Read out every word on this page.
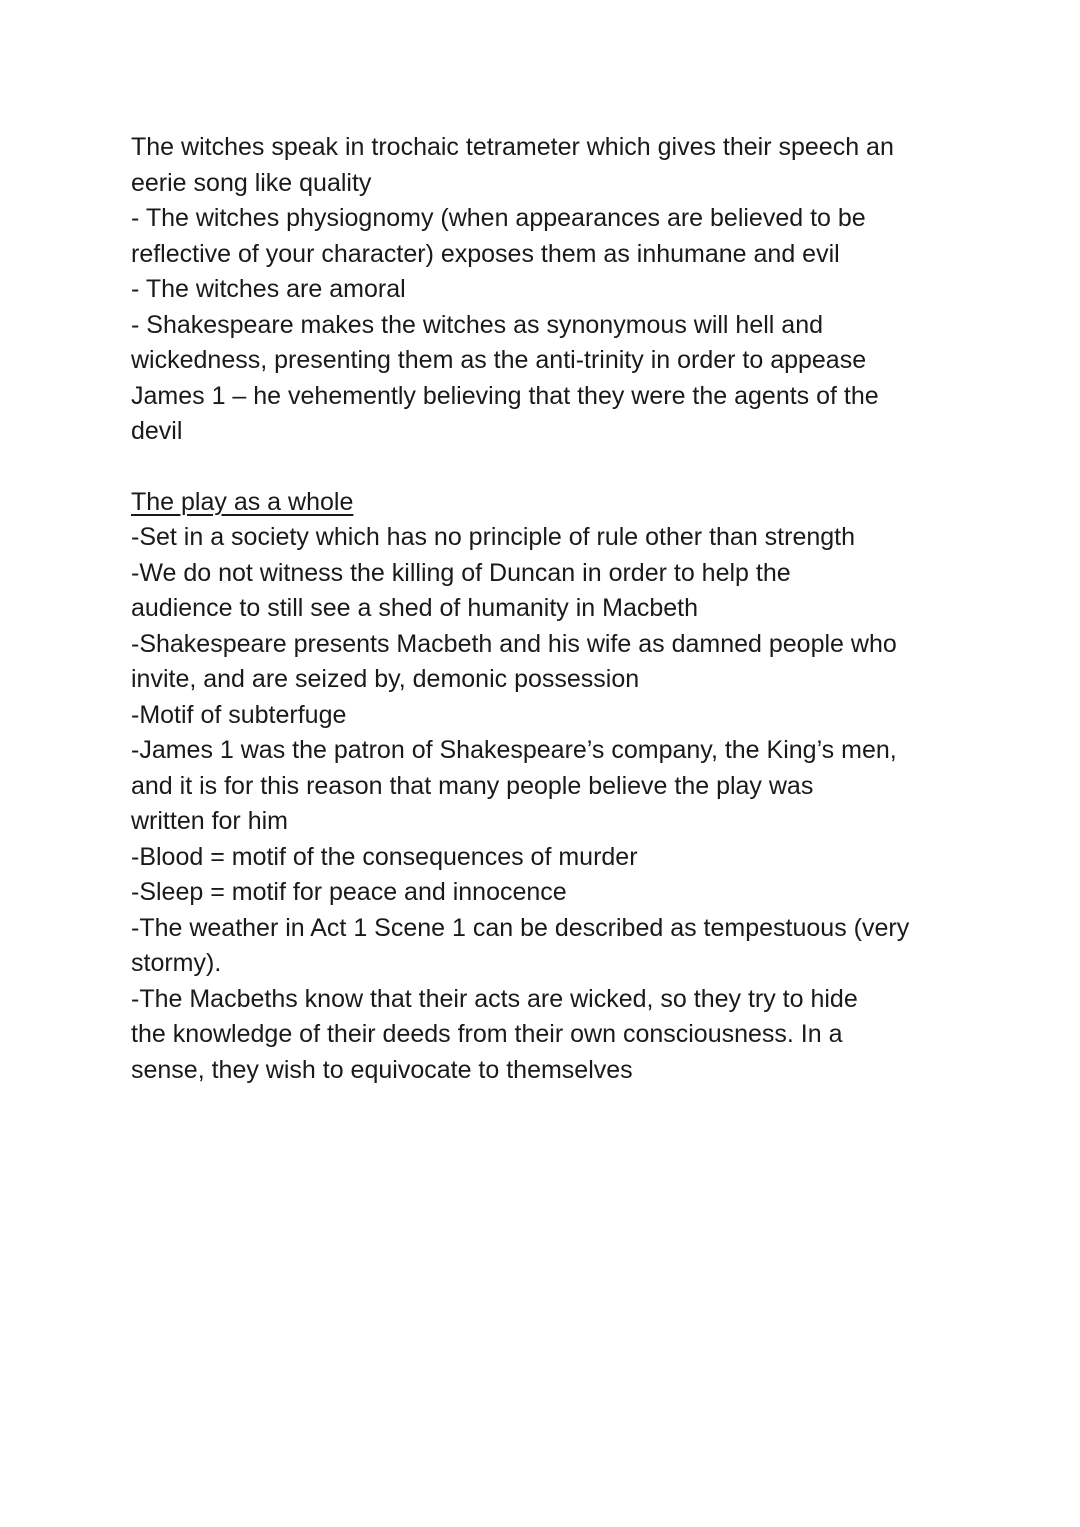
The witches speak in trochaic tetrameter which gives their speech an

eerie song like quality

- The witches physiognomy (when appearances are believed to be

reflective of your character) exposes them as inhumane and evil

- The witches are amoral

- Shakespeare makes the witches as synonymous will hell and

wickedness, presenting them as the anti-trinity in order to appease

James 1 – he vehemently believing that they were the agents of the

devil

The play as a whole

-Set in a society which has no principle of rule other than strength

-We do not witness the killing of Duncan in order to help the

audience to still see a shed of humanity in Macbeth

-Shakespeare presents Macbeth and his wife as damned people who

invite, and are seized by, demonic possession

-Motif of subterfuge

-James 1 was the patron of Shakespeare’s company, the King’s men,

and it is for this reason that many people believe the play was

written for him

-Blood = motif of the consequences of murder

-Sleep = motif for peace and innocence

-The weather in Act 1 Scene 1 can be described as tempestuous (very

stormy).

-The Macbeths know that their acts are wicked, so they try to hide

the knowledge of their deeds from their own consciousness. In a

sense, they wish to equivocate to themselves
